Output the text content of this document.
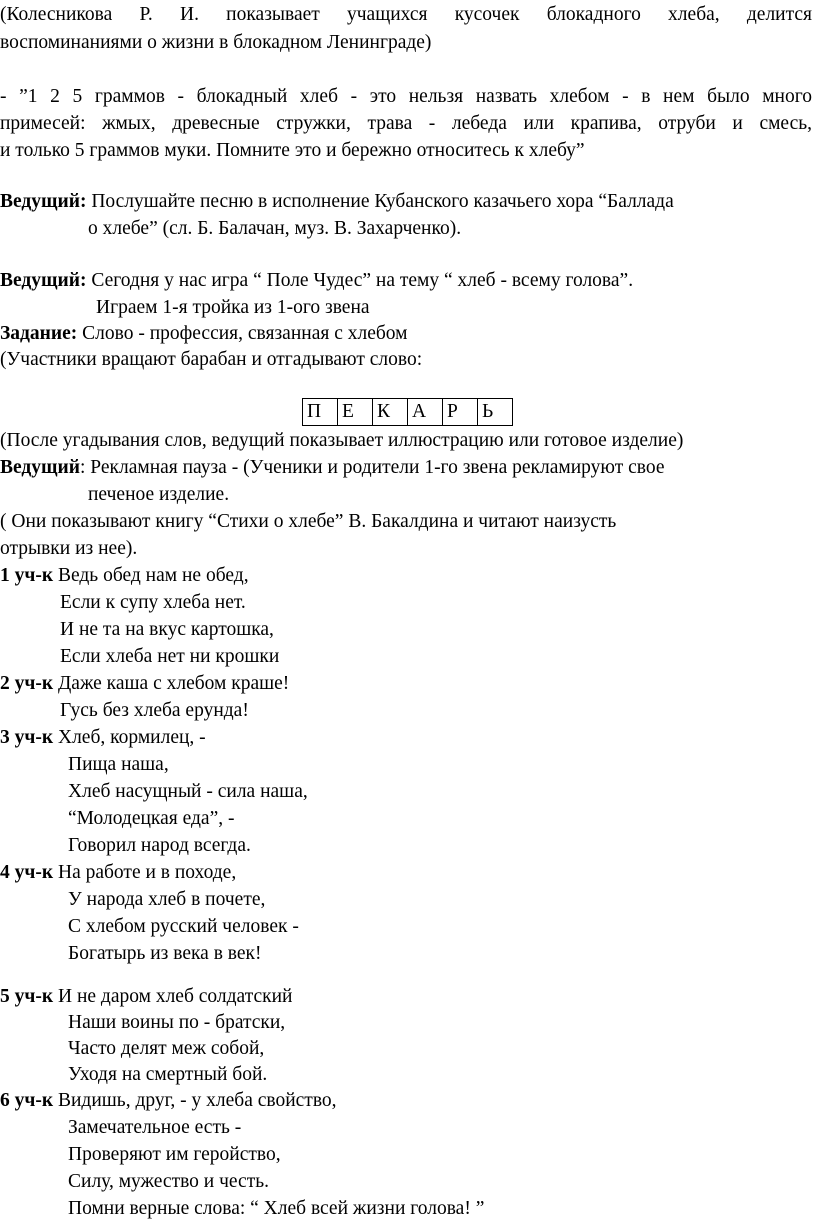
(Колесникова Р. И. показывает учащихся кусочек блокадного хлеба, делится
воспоминаниями о жизни в блокадном Ленинграде)
- ”1 2 5 граммов - блокадный хлеб - это нельзя назвать хлебом - в нем было много
примесей: жмых, древесные стружки, трава - лебеда или крапива, отруби и смесь,
и только 5 граммов муки. Помните это и бережно относитесь к хлебу”
Ведущий: Послушайте песню в исполнение Кубанского казачьего хора “Баллада
о хлебе” (сл. Б. Балачан, муз. В. Захарченко).
Ведущий: Сегодня у нас игра “ Поле Чудес” на тему “ хлеб - всему голова”.
Играем 1-я тройка из 1-ого звена
Задание: Слово - профессия, связанная с хлебом
(Участники вращают барабан и отгадывают слово:
П	Е	К	А	Р	Ь
(После угадывания слов, ведущий показывает иллюстрацию или готовое изделие)
Ведущий: Рекламная пауза - (Ученики и родители 1-го звена рекламируют свое
печеное изделие.
( Они показывают книгу “Стихи о хлебе” В. Бакалдина и читают наизусть
отрывки из нее).
1 уч-к Ведь обед нам не обед,
Если к супу хлеба нет.
И не та на вкус картошка,
Если хлеба нет ни крошки
2 уч-к Даже каша с хлебом краше!
Гусь без хлеба ерунда!
3 уч-к Хлеб, кормилец, -
Пища наша,
Хлеб насущный - сила наша,
“Молодецкая еда”, -
Говорил народ всегда.
4 уч-к На работе и в походе,
У народа хлеб в почете,
С хлебом русский человек -
Богатырь из века в век!
5 уч-к И не даром хлеб солдатский
Наши воины по - братски,
Часто делят меж собой,
Уходя на смертный бой.
6 уч-к Видишь, друг, - у хлеба свойство,
Замечательное есть -
Проверяют им геройство,
Силу, мужество и честь.
Помни верные слова: “ Хлеб всей жизни голова! ”
